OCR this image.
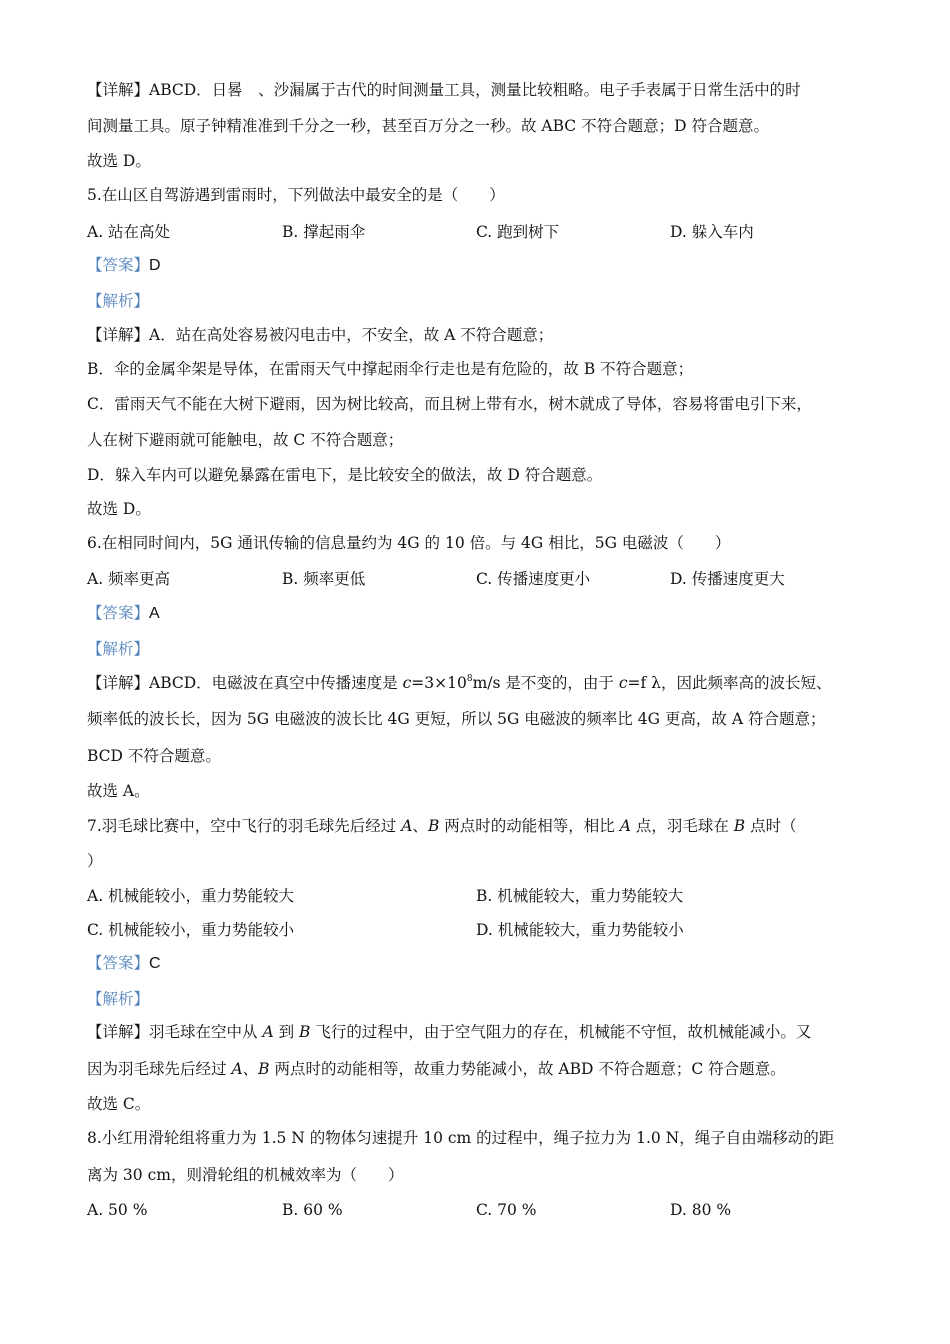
【详解】ABCD．日晷　、沙漏属于古代的时间测量工具，测量比较粗略。电子手表属于日常生活中的时
间测量工具。原子钟精准准到千分之一秒，甚至百万分之一秒。故 ABC 不符合题意；D 符合题意。
故选 D。
5.在山区自驾游遇到雷雨时，下列做法中最安全的是（　　）
A. 站在高处	B. 撑起雨伞	C. 跑到树下	D. 躲入车内
【答案】D
【解析】
【详解】A．站在高处容易被闪电击中，不安全，故 A 不符合题意；
B．伞的金属伞架是导体，在雷雨天气中撑起雨伞行走也是有危险的，故 B 不符合题意；
C．雷雨天气不能在大树下避雨，因为树比较高，而且树上带有水，树木就成了导体，容易将雷电引下来，
人在树下避雨就可能触电，故 C 不符合题意；
D．躲入车内可以避免暴露在雷电下，是比较安全的做法，故 D 符合题意。
故选 D。
6.在相同时间内，5G 通讯传输的信息量约为 4G 的 10 倍。与 4G 相比，5G 电磁波（　　）
A. 频率更高	B. 频率更低	C. 传播速度更小	D. 传播速度更大
【答案】A
【解析】
【详解】ABCD．电磁波在真空中传播速度是 $c=3\times 10^8m/s$ 是不变的，由于 c=f λ，因此频率高的波长短、
频率低的波长长，因为 5G 电磁波的波长比 4G 更短，所以 5G 电磁波的频率比 4G 更高，故 A 符合题意；
BCD 不符合题意。
故选 A。
7.羽毛球比赛中，空中飞行的羽毛球先后经过 A、B 两点时的动能相等，相比 A 点，羽毛球在 B 点时（
）
A. 机械能较小，重力势能较大	B. 机械能较大，重力势能较大
C. 机械能较小，重力势能较小	D. 机械能较大，重力势能较小
【答案】C
【解析】
【详解】羽毛球在空中从 A 到 B 飞行的过程中，由于空气阻力的存在，机械能不守恒，故机械能减小。又
因为羽毛球先后经过 A、B 两点时的动能相等，故重力势能减小，故 ABD 不符合题意；C 符合题意。
故选 C。
8.小红用滑轮组将重力为 1.5 N 的物体匀速提升 10 cm 的过程中，绳子拉力为 1.0 N，绳子自由端移动的距
离为 30 cm，则滑轮组的机械效率为（　　）
A. 50 %	B. 60 %	C. 70 %	D. 80 %
